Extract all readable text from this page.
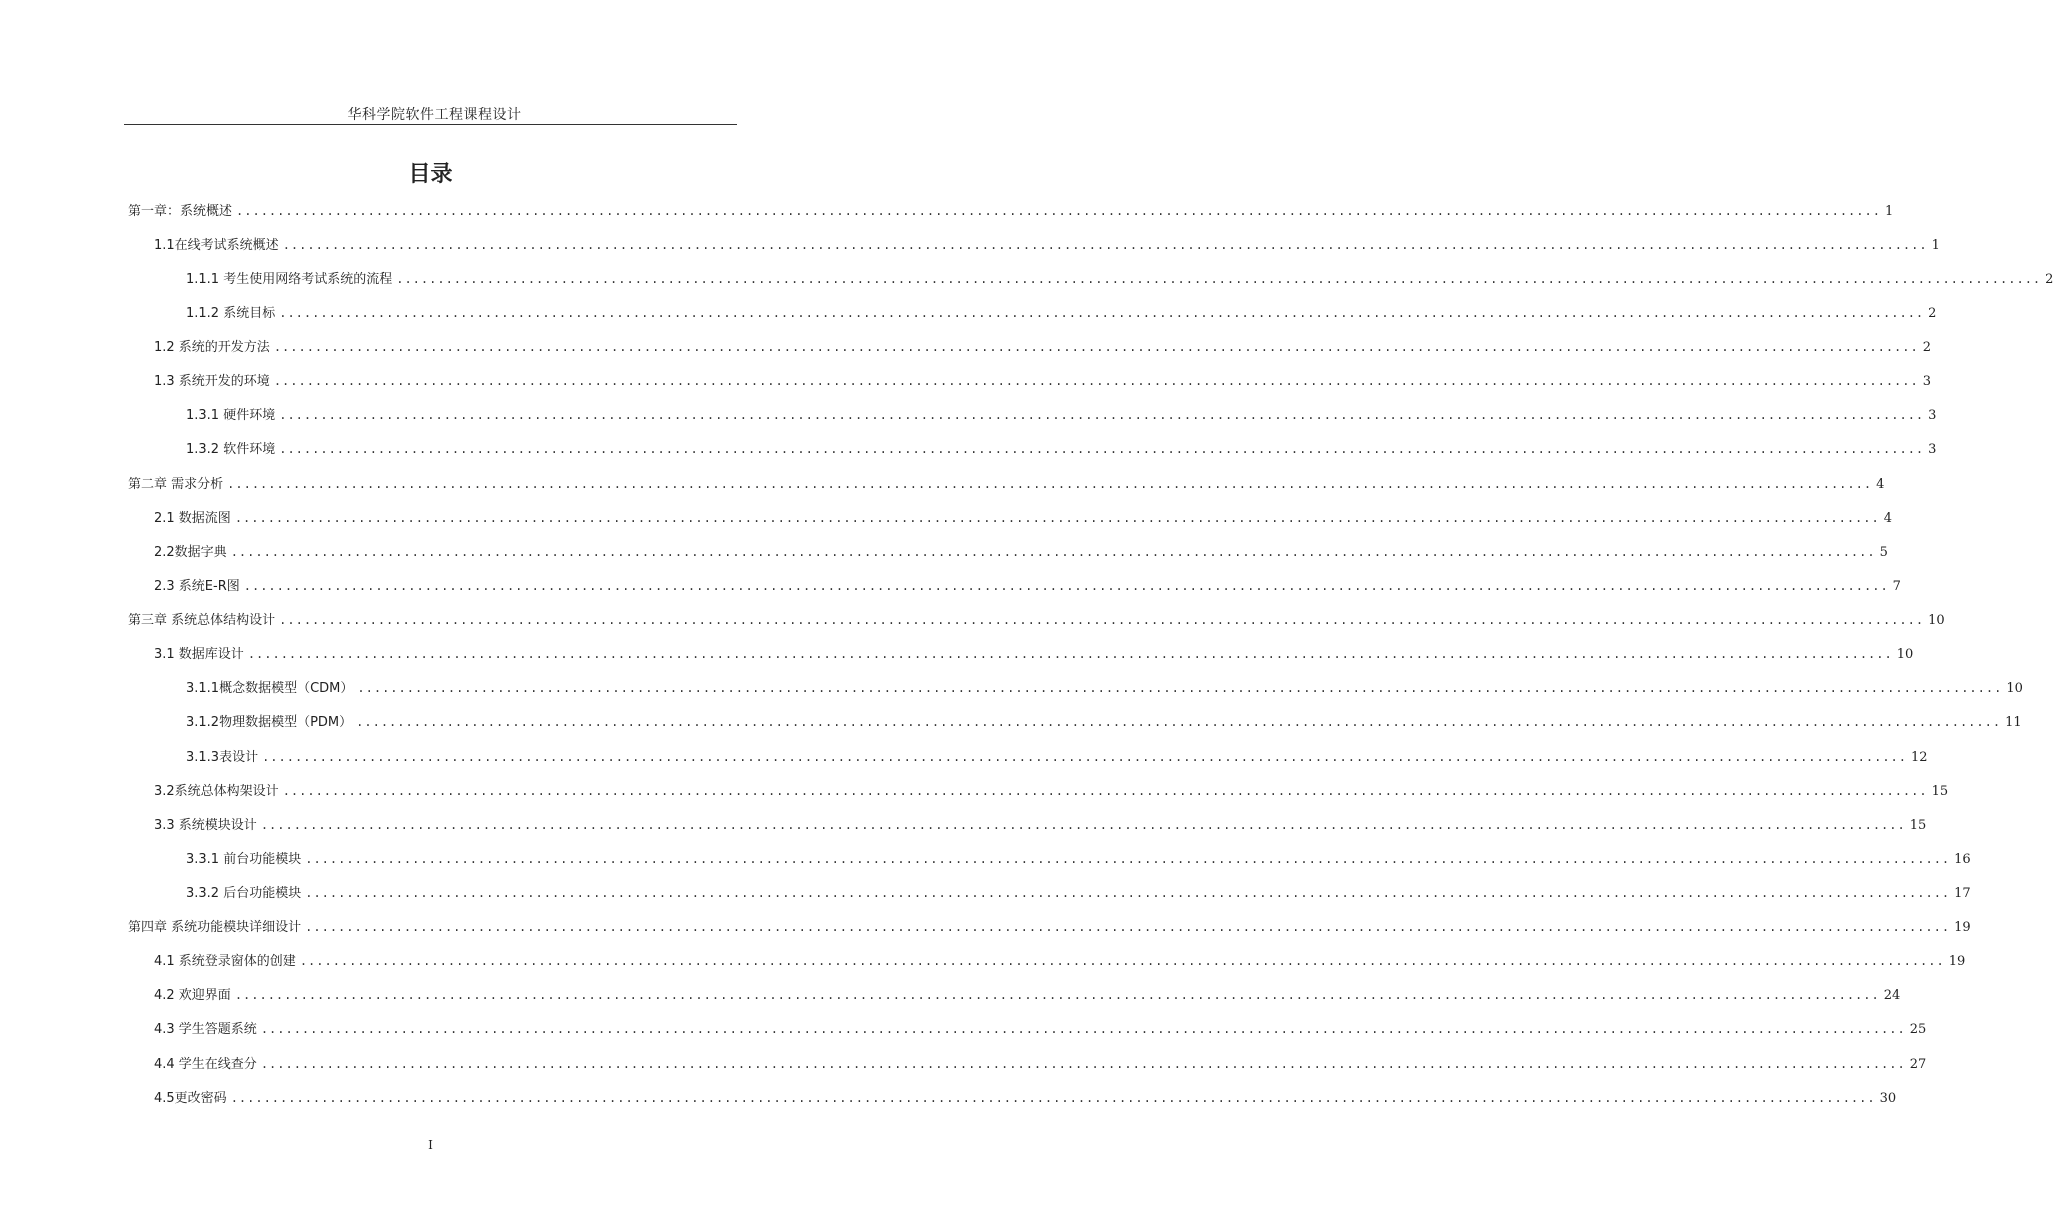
华科学院软件工程课程设计
目录
第一章：系统概述 ........................................................................................................................................................................................................ 1
1.1在线考试系统概述 ........................................................................................................................................................................................................ 1
1.1.1 考生使用网络考试系统的流程 ........................................................................................................................................................................................................ 2
1.1.2 系统目标 ........................................................................................................................................................................................................ 2
1.2 系统的开发方法 ........................................................................................................................................................................................................ 2
1.3 系统开发的环境 ........................................................................................................................................................................................................ 3
1.3.1 硬件环境 ........................................................................................................................................................................................................ 3
1.3.2 软件环境 ........................................................................................................................................................................................................ 3
第二章 需求分析 ........................................................................................................................................................................................................ 4
2.1 数据流图 ........................................................................................................................................................................................................ 4
2.2数据字典 ........................................................................................................................................................................................................ 5
2.3 系统E-R图 ........................................................................................................................................................................................................ 7
第三章 系统总体结构设计 ........................................................................................................................................................................................................ 10
3.1 数据库设计 ........................................................................................................................................................................................................ 10
3.1.1概念数据模型（CDM） ........................................................................................................................................................................................................ 10
3.1.2物理数据模型（PDM） ........................................................................................................................................................................................................ 11
3.1.3表设计 ........................................................................................................................................................................................................ 12
3.2系统总体构架设计 ........................................................................................................................................................................................................ 15
3.3 系统模块设计 ........................................................................................................................................................................................................ 15
3.3.1 前台功能模块 ........................................................................................................................................................................................................ 16
3.3.2 后台功能模块 ........................................................................................................................................................................................................ 17
第四章 系统功能模块详细设计 ........................................................................................................................................................................................................ 19
4.1 系统登录窗体的创建 ........................................................................................................................................................................................................ 19
4.2 欢迎界面 ........................................................................................................................................................................................................ 24
4.3 学生答题系统 ........................................................................................................................................................................................................ 25
4.4 学生在线查分 ........................................................................................................................................................................................................ 27
4.5更改密码 ........................................................................................................................................................................................................ 30
I
